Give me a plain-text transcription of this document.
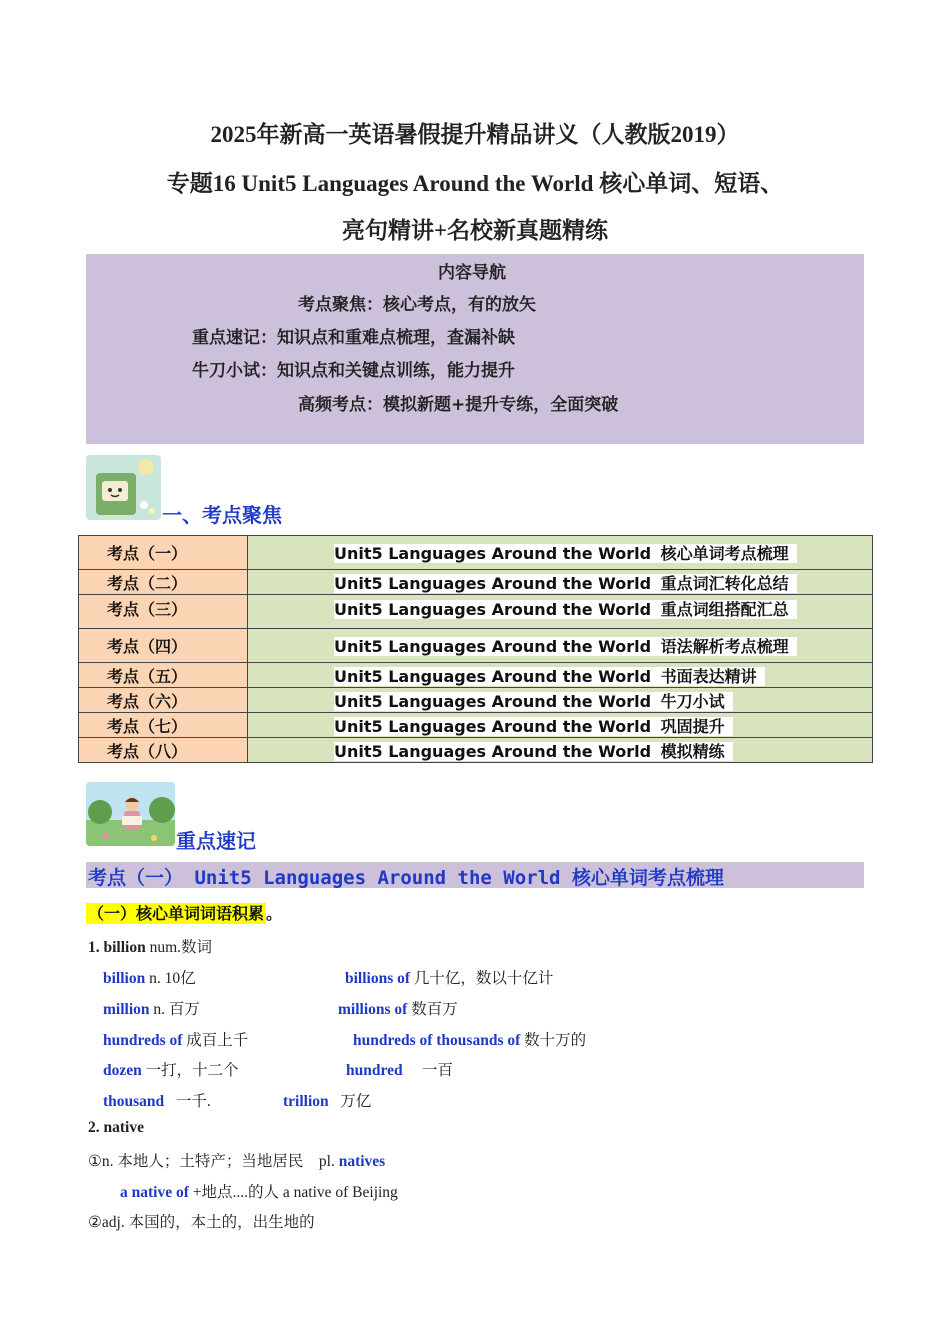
2025年新高一英语暑假提升精品讲义（人教版2019）
专题16 Unit5 Languages Around the World 核心单词、短语、
亮句精讲+名校新真题精练
内容导航
考点聚焦：核心考点，有的放矢
重点速记：知识点和重难点梳理，查漏补缺
牛刀小试：知识点和关键点训练，能力提升
高频考点：模拟新题+提升专练，全面突破
一、考点聚焦
考点（一）	Unit5 Languages Around the World 核心单词考点梳理
考点（二）	Unit5 Languages Around the World 重点词汇转化总结
考点（三）	Unit5 Languages Around the World 重点词组搭配汇总
考点（四）	Unit5 Languages Around the World 语法解析考点梳理
考点（五）	Unit5 Languages Around the World 书面表达精讲
考点（六）	Unit5 Languages Around the World 牛刀小试
考点（七）	Unit5 Languages Around the World 巩固提升
考点（八）	Unit5 Languages Around the World 模拟精练
重点速记
考点（一） Unit5 Languages Around the World 核心单词考点梳理
（一）核心单词词语积累 。
1. billion num.数词
billion n. 10亿	billions of 几十亿，数以十亿计
million n. 百万	millions of 数百万
hundreds of 成百上千	hundreds of thousands of 数十万的
dozen 一打，十二个	hundred     一百
thousand   一千.	trillion   万亿
2. native
①n. 本地人；土特产；当地居民    pl. natives
a native of +地点....的人 a native of Beijing
②adj. 本国的，本土的，出生地的
